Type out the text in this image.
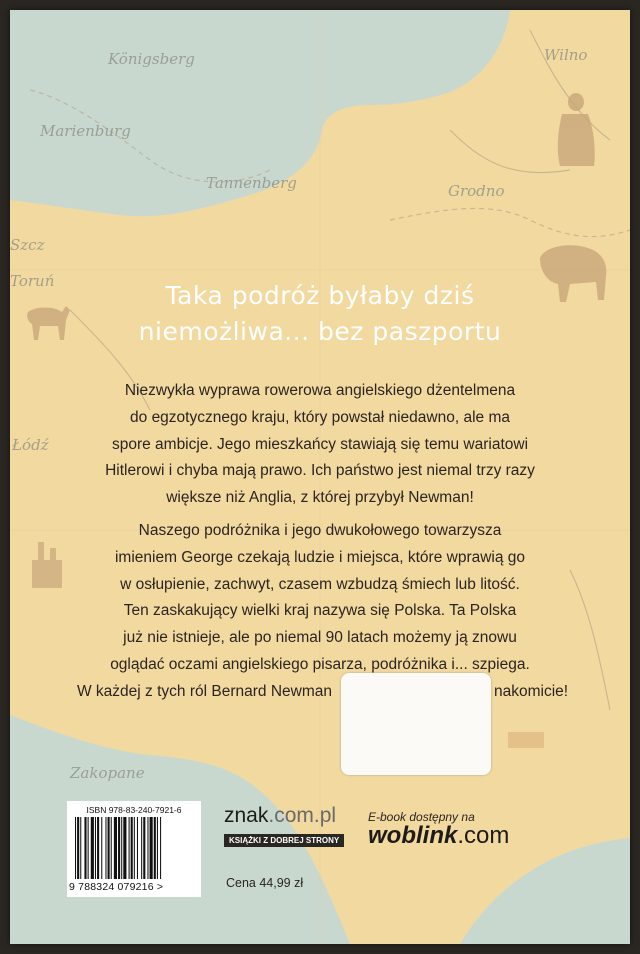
Königsberg	Wilno
Marienburg
Tannenberg	Grodno
Szcz
Toruń
Łódź
Zakopane
Taka podróż byłaby dziś
niemożliwa... bez paszportu
Niezwykła wyprawa rowerowa angielskiego dżentelmena
do egzotycznego kraju, który powstał niedawno, ale ma
spore ambicje. Jego mieszkańcy stawiają się temu wariatowi
Hitlerowi i chyba mają prawo. Ich państwo jest niemal trzy razy
większe niż Anglia, z której przybył Newman!
Naszego podróżnika i jego dwukołowego towarzysza
imieniem George czekają ludzie i miejsca, które wprawią go
w osłupienie, zachwyt, czasem wzbudzą śmiech lub litość.
Ten zaskakujący wielki kraj nazywa się Polska. Ta Polska
już nie istnieje, ale po niemal 90 latach możemy ją znowu
oglądać oczami angielskiego pisarza, podróżnika i... szpiega.
W każdej z tych ról Bernard Newman	nakomicie!
ISBN 978-83-240-7921-6
9 788324 079216 >
znak.com.pl
KSIĄŻKI Z DOBREJ STRONY
Cena 44,99 zł
E-book dostępny na
woblink.com
